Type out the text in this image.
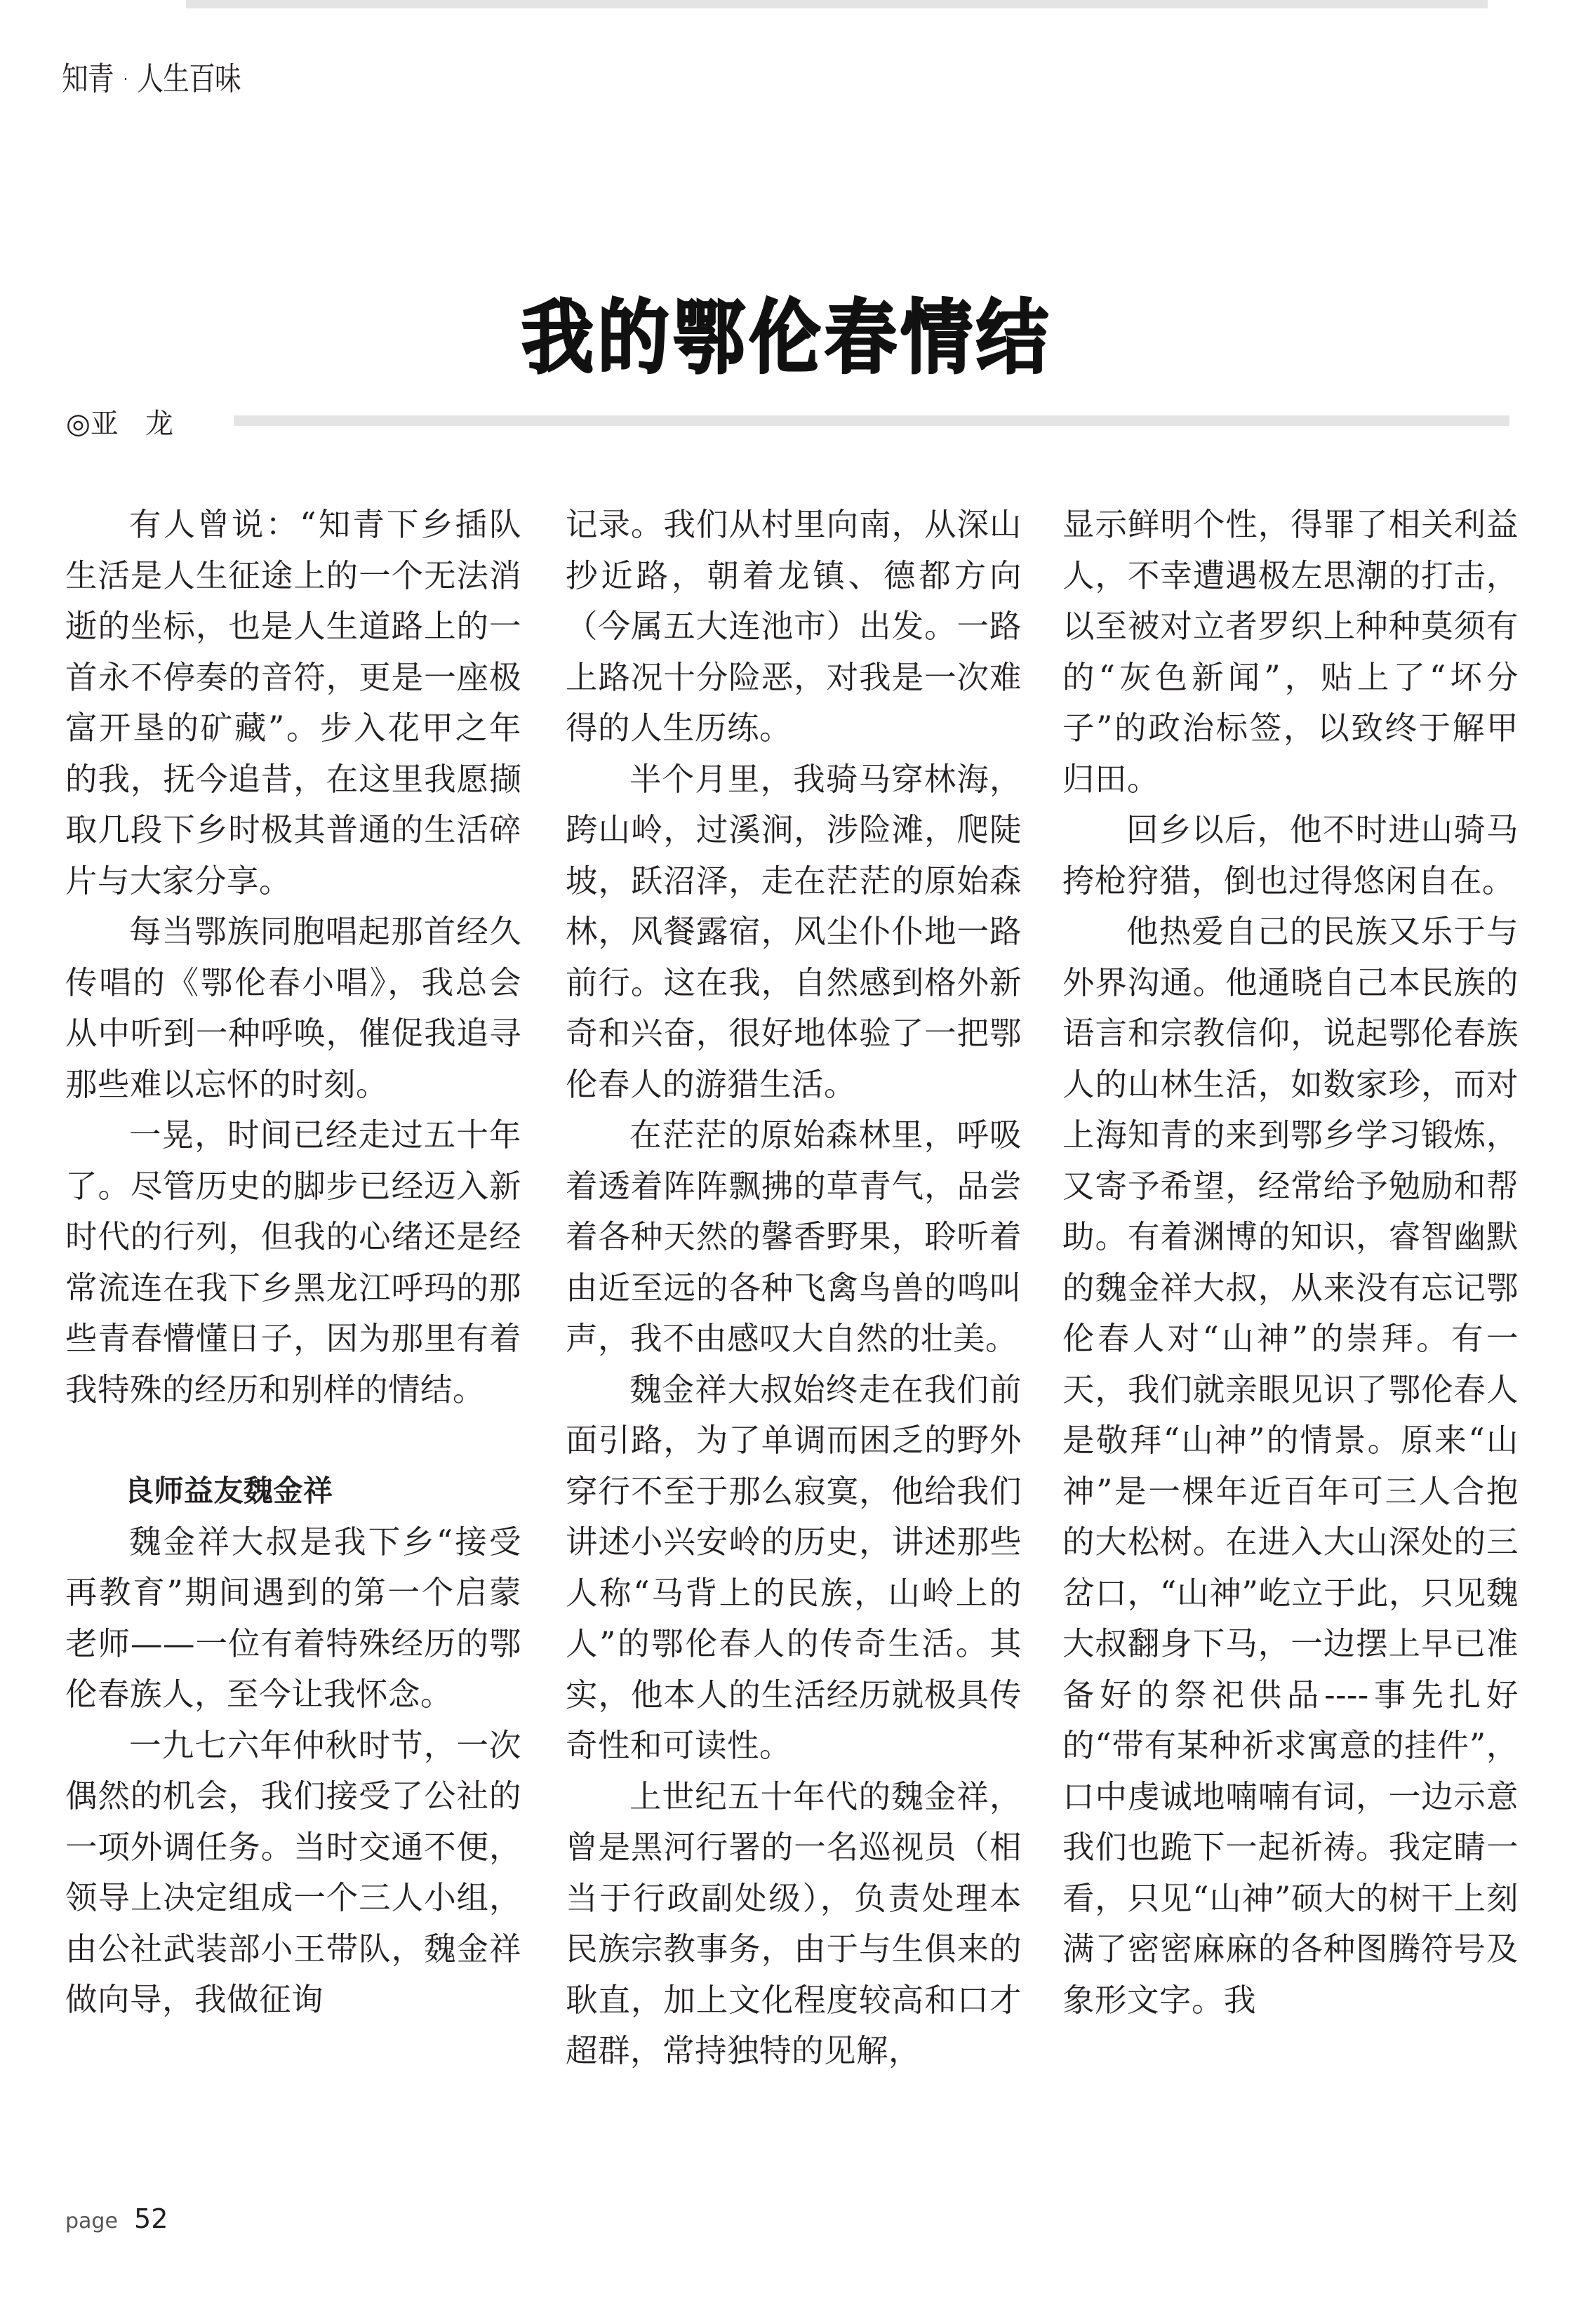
知青 · 人生百味
我的鄂伦春情结
◎亚   龙

有人曾说：“知青下乡插队生活是人生征途上的一个无法消逝的坐标，也是人生道路上的一首永不停奏的音符，更是一座极富开垦的矿藏”。步入花甲之年的我，抚今追昔，在这里我愿撷取几段下乡时极其普通的生活碎片与大家分享。

每当鄂族同胞唱起那首经久传唱的《鄂伦春小唱》，我总会从中听到一种呼唤，催促我追寻那些难以忘怀的时刻。

一晃，时间已经走过五十年了。尽管历史的脚步已经迈入新时代的行列，但我的心绪还是经常流连在我下乡黑龙江呼玛的那些青春懵懂日子，因为那里有着我特殊的经历和别样的情结。

良师益友魏金祥

魏金祥大叔是我下乡“接受再教育”期间遇到的第一个启蒙老师——一位有着特殊经历的鄂伦春族人，至今让我怀念。

一九七六年仲秋时节，一次偶然的机会，我们接受了公社的一项外调任务。当时交通不便，领导上决定组成一个三人小组，由公社武装部小王带队，魏金祥做向导，我做征询

记录。我们从村里向南，从深山抄近路，朝着龙镇、德都方向（今属五大连池市）出发。一路上路况十分险恶，对我是一次难得的人生历练。

半个月里，我骑马穿林海，跨山岭，过溪涧，涉险滩，爬陡坡，跃沼泽，走在茫茫的原始森林，风餐露宿，风尘仆仆地一路前行。这在我，自然感到格外新奇和兴奋，很好地体验了一把鄂伦春人的游猎生活。

在茫茫的原始森林里，呼吸着透着阵阵飘拂的草青气，品尝着各种天然的馨香野果，聆听着由近至远的各种飞禽鸟兽的鸣叫声，我不由感叹大自然的壮美。

魏金祥大叔始终走在我们前面引路，为了单调而困乏的野外穿行不至于那么寂寞，他给我们讲述小兴安岭的历史，讲述那些人称“马背上的民族，山岭上的人”的鄂伦春人的传奇生活。其实，他本人的生活经历就极具传奇性和可读性。

上世纪五十年代的魏金祥，曾是黑河行署的一名巡视员（相当于行政副处级），负责处理本民族宗教事务，由于与生俱来的耿直，加上文化程度较高和口才超群，常持独特的见解，

显示鲜明个性，得罪了相关利益人，不幸遭遇极左思潮的打击，以至被对立者罗织上种种莫须有的“灰色新闻”，贴上了“坏分子”的政治标签，以致终于解甲归田。

回乡以后，他不时进山骑马挎枪狩猎，倒也过得悠闲自在。

他热爱自己的民族又乐于与外界沟通。他通晓自己本民族的语言和宗教信仰，说起鄂伦春族人的山林生活，如数家珍，而对上海知青的来到鄂乡学习锻炼，又寄予希望，经常给予勉励和帮助。有着渊博的知识，睿智幽默的魏金祥大叔，从来没有忘记鄂伦春人对“山神”的崇拜。有一天，我们就亲眼见识了鄂伦春人是敬拜“山神”的情景。原来“山神”是一棵年近百年可三人合抱的大松树。在进入大山深处的三岔口，“山神”屹立于此，只见魏大叔翻身下马，一边摆上早已准备好的祭祀供品----事先扎好的“带有某种祈求寓意的挂件”，口中虔诚地喃喃有词，一边示意我们也跪下一起祈祷。我定睛一看，只见“山神”硕大的树干上刻满了密密麻麻的各种图腾符号及象形文字。我

page 52
